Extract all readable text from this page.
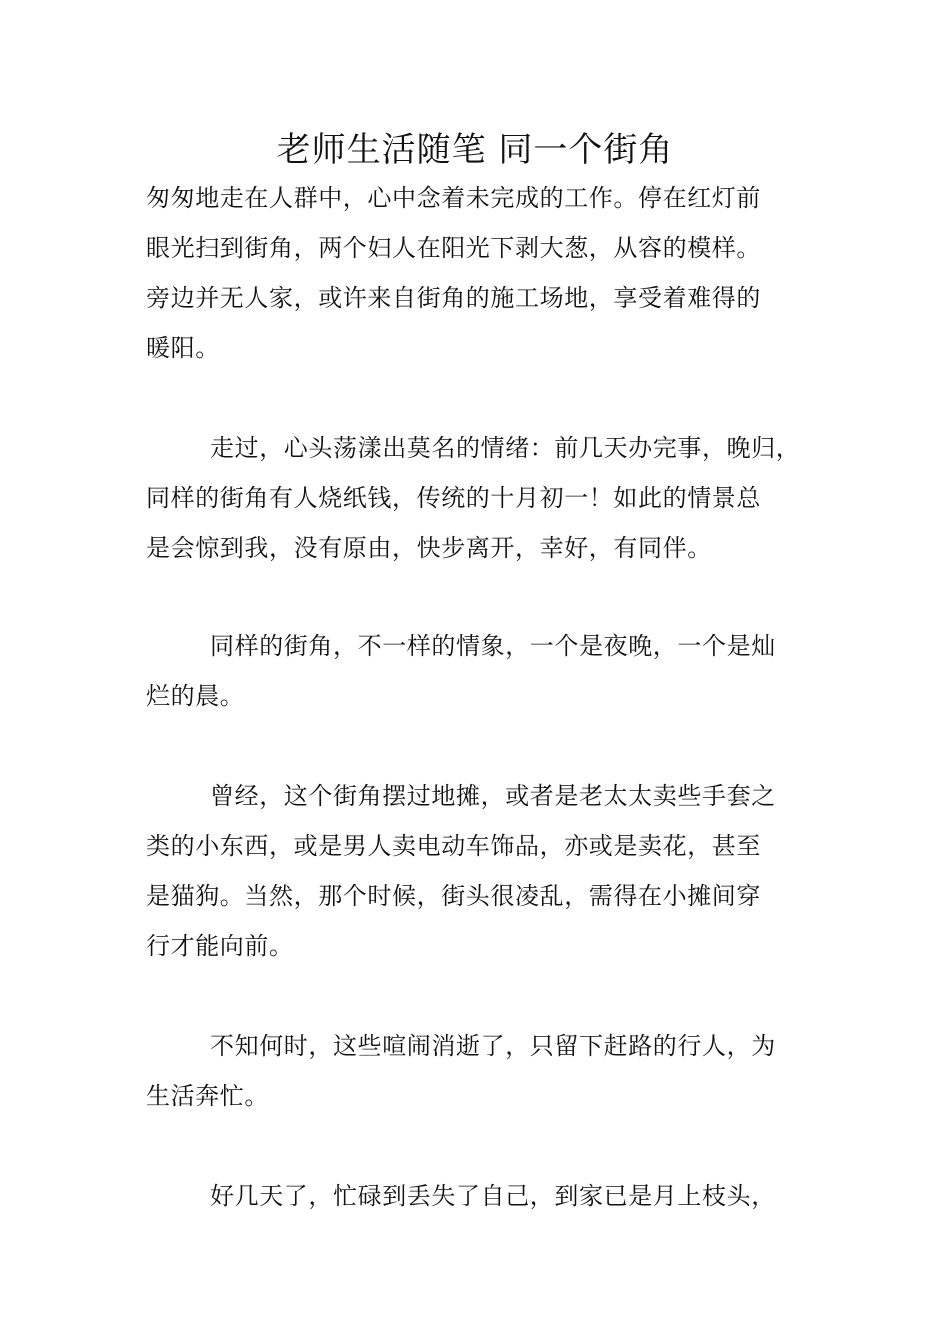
老师生活随笔 同一个街角
匆匆地走在人群中，心中念着未完成的工作。停在红灯前
眼光扫到街角，两个妇人在阳光下剥大葱，从容的模样。
旁边并无人家，或许来自街角的施工场地，享受着难得的
暖阳。
走过，心头荡漾出莫名的情绪：前几天办完事，晚归，
同样的街角有人烧纸钱，传统的十月初一！如此的情景总
是会惊到我，没有原由，快步离开，幸好，有同伴。
同样的街角，不一样的情象，一个是夜晚，一个是灿
烂的晨。
曾经，这个街角摆过地摊，或者是老太太卖些手套之
类的小东西，或是男人卖电动车饰品，亦或是卖花，甚至
是猫狗。当然，那个时候，街头很凌乱，需得在小摊间穿
行才能向前。
不知何时，这些喧闹消逝了，只留下赶路的行人，为
生活奔忙。
好几天了，忙碌到丢失了自己，到家已是月上枝头，
